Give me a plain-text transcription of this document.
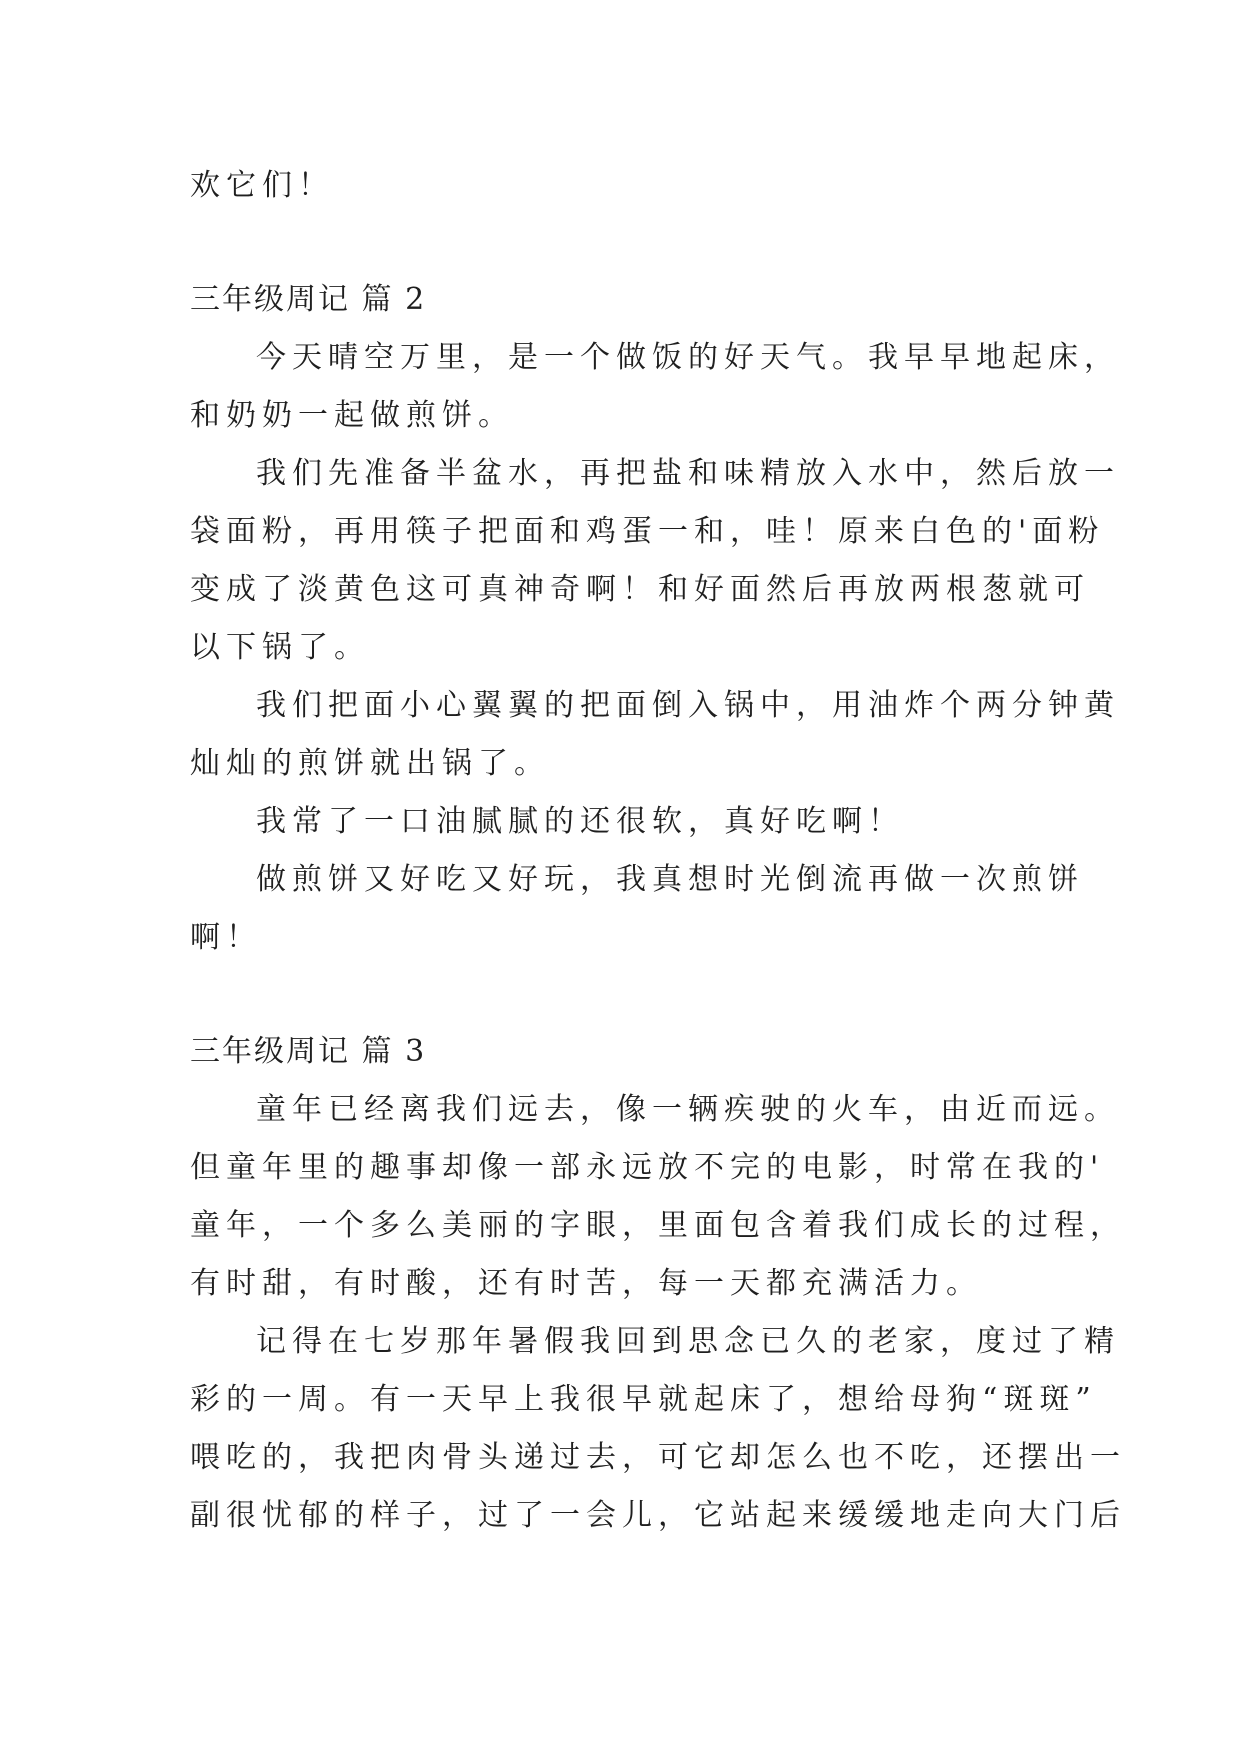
欢它们！
三年级周记 篇 2
今天晴空万里，是一个做饭的好天气。我早早地起床，
和奶奶一起做煎饼。
我们先准备半盆水，再把盐和味精放入水中，然后放一
袋面粉，再用筷子把面和鸡蛋一和，哇！原来白色的'面粉
变成了淡黄色这可真神奇啊！和好面然后再放两根葱就可
以下锅了。
我们把面小心翼翼的把面倒入锅中，用油炸个两分钟黄
灿灿的煎饼就出锅了。
我常了一口油腻腻的还很软，真好吃啊！
做煎饼又好吃又好玩，我真想时光倒流再做一次煎饼
啊！
三年级周记 篇 3
童年已经离我们远去，像一辆疾驶的火车，由近而远。
但童年里的趣事却像一部永远放不完的电影，时常在我的'
童年，一个多么美丽的字眼，里面包含着我们成长的过程，
有时甜，有时酸，还有时苦，每一天都充满活力。
记得在七岁那年暑假我回到思念已久的老家，度过了精
彩的一周。有一天早上我很早就起床了，想给母狗“斑斑”
喂吃的，我把肉骨头递过去，可它却怎么也不吃，还摆出一
副很忧郁的样子，过了一会儿，它站起来缓缓地走向大门后
